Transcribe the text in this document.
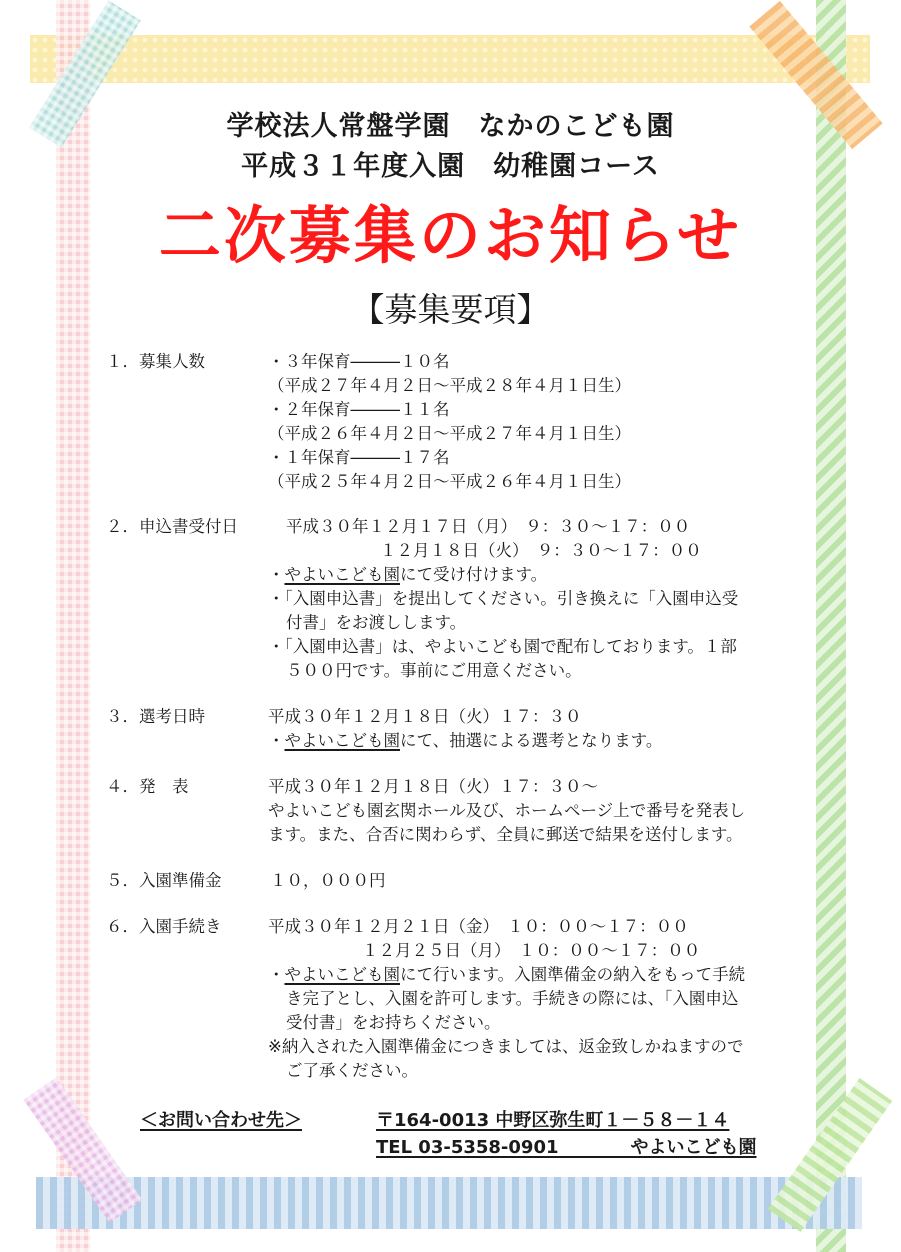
学校法人常盤学園　なかのこども園
平成３１年度入園　幼稚園コース
二次募集のお知らせ
【募集要項】
１．募集人数	・３年保育―――１０名
（平成２７年４月２日～平成２８年４月１日生）
・２年保育―――１１名
（平成２６年４月２日～平成２７年４月１日生）
・１年保育―――１７名
（平成２５年４月２日～平成２６年４月１日生）
２．申込書受付日	平成３０年１２月１７日（月）　９：３０～１７：００
１２月１８日（火）　９：３０～１７：００
・やよいこども園にて受け付けます。
・「入園申込書」を提出してください。引き換えに「入園申込受
付書」をお渡しします。
・「入園申込書」は、やよいこども園で配布しております。１部
５００円です。事前にご用意ください。
３．選考日時	平成３０年１２月１８日（火）１７：３０
・やよいこども園にて、抽選による選考となります。
４．発　表	平成３０年１２月１８日（火）１７：３０～
やよいこども園玄関ホール及び、ホームページ上で番号を発表し
ます。また、合否に関わらず、全員に郵送で結果を送付します。
５．入園準備金	１０，０００円
６．入園手続き	平成３０年１２月２１日（金）　１０：００～１７：００
１２月２５日（月）　１０：００～１７：００
・やよいこども園にて行います。入園準備金の納入をもって手続
き完了とし、入園を許可します。手続きの際には、「入園申込
受付書」をお持ちください。
※納入された入園準備金につきましては、返金致しかねますので
ご了承ください。
＜お問い合わせ先＞	〒164-0013 中野区弥生町１－５８－１４
TEL 03-5358-0901　　　　やよいこども園
